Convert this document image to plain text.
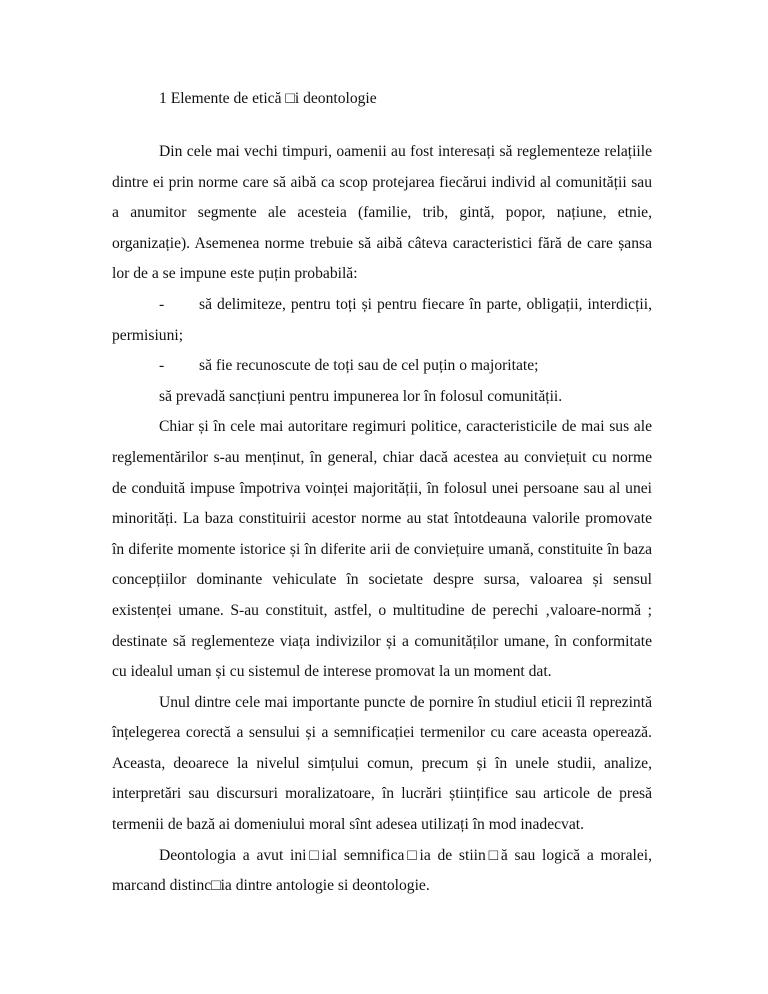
1 Elemente de etică □i deontologie

Din cele mai vechi timpuri, oamenii au fost interesați să reglementeze relațiile dintre ei prin norme care să aibă ca scop protejarea fiecărui individ al comunității sau a anumitor segmente ale acesteia (familie, trib, gintă, popor, națiune, etnie, organizație). Asemenea norme trebuie să aibă câteva caracteristici fără de care șansa lor de a se impune este puțin probabilă:

- să delimiteze, pentru toți și pentru fiecare în parte, obligații, interdicții, permisiuni;

- să fie recunoscute de toți sau de cel puțin o majoritate;

să prevadă sancțiuni pentru impunerea lor în folosul comunității.

Chiar și în cele mai autoritare regimuri politice, caracteristicile de mai sus ale reglementărilor s-au menținut, în general, chiar dacă acestea au conviețuit cu norme de conduită impuse împotriva voinței majorității, în folosul unei persoane sau al unei minorități. La baza constituirii acestor norme au stat întotdeauna valorile promovate în diferite momente istorice și în diferite arii de conviețuire umană, constituite în baza concepțiilor dominante vehiculate în societate despre sursa, valoarea și sensul existenței umane. S-au constituit, astfel, o multitudine de perechi ‚valoare-normă ; destinate să reglementeze viața indivizilor și a comunităților umane, în conformitate cu idealul uman și cu sistemul de interese promovat la un moment dat.

Unul dintre cele mai importante puncte de pornire în studiul eticii îl reprezintă înțelegerea corectă a sensului și a semnificației termenilor cu care aceasta operează. Aceasta, deoarece la nivelul simțului comun, precum și în unele studii, analize, interpretări sau discursuri moralizatoare, în lucrări științifice sau articole de presă termenii de bază ai domeniului moral sînt adesea utilizați în mod inadecvat.

Deontologia a avut ini□ial semnifica□ia de stiin□ă sau logică a moralei, marcand distinc□ia dintre antologie si deontologie.
